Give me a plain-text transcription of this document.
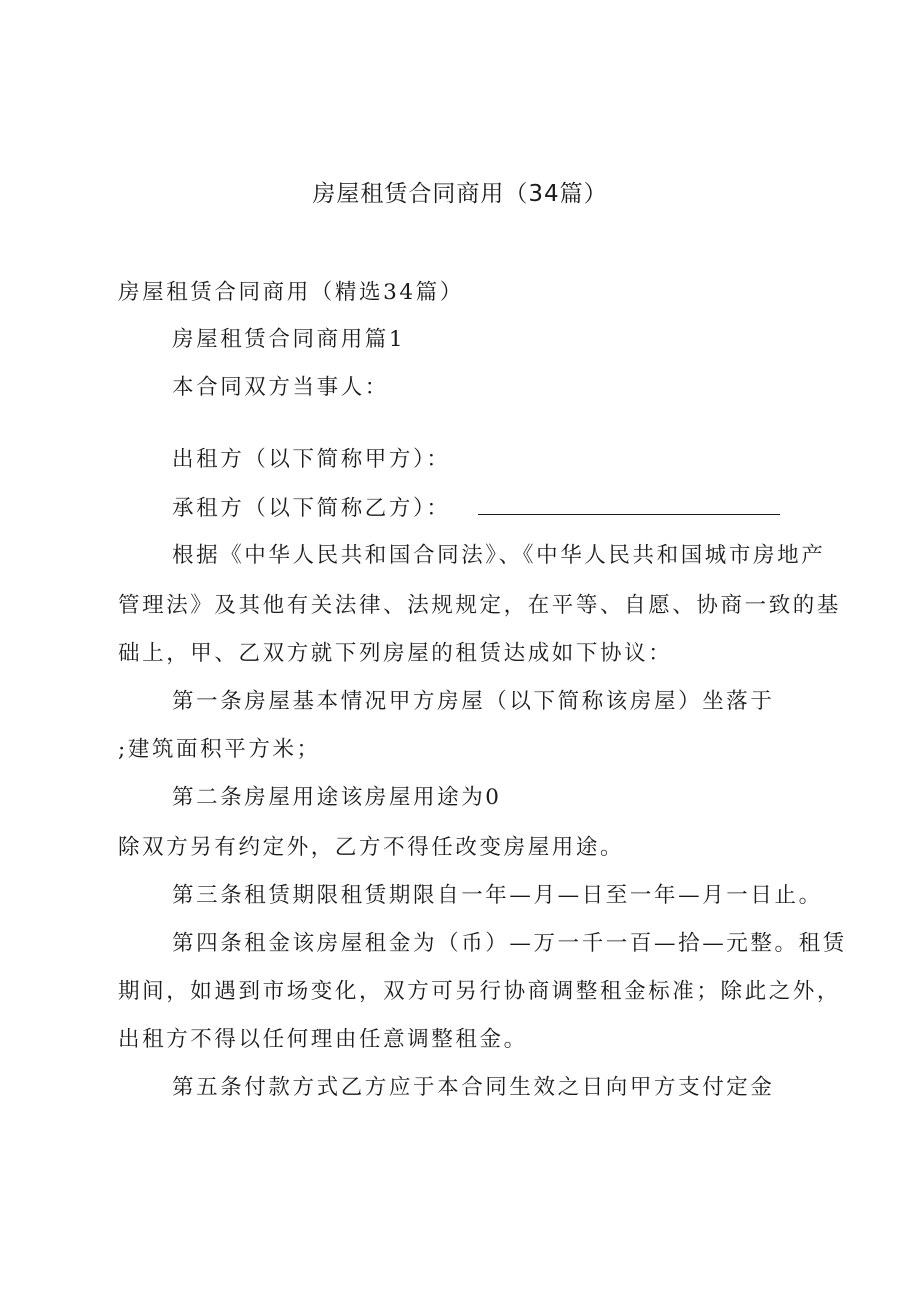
房屋租赁合同商用（34篇）
房屋租赁合同商用（精选34篇）
房屋租赁合同商用篇1
本合同双方当事人：
出租方（以下简称甲方）：
承租方（以下简称乙方）：
根据《中华人民共和国合同法》、《中华人民共和国城市房地产
管理法》及其他有关法律、法规规定，在平等、自愿、协商一致的基
础上，甲、乙双方就下列房屋的租赁达成如下协议：
第一条房屋基本情况甲方房屋（以下简称该房屋）坐落于
;建筑面积平方米；
第二条房屋用途该房屋用途为0
除双方另有约定外，乙方不得任改变房屋用途。
第三条租赁期限租赁期限自一年—月—日至一年—月一日止。
第四条租金该房屋租金为（币）—万一千一百—拾—元整。租赁
期间，如遇到市场变化，双方可另行协商调整租金标准；除此之外，
出租方不得以任何理由任意调整租金。
第五条付款方式乙方应于本合同生效之日向甲方支付定金
